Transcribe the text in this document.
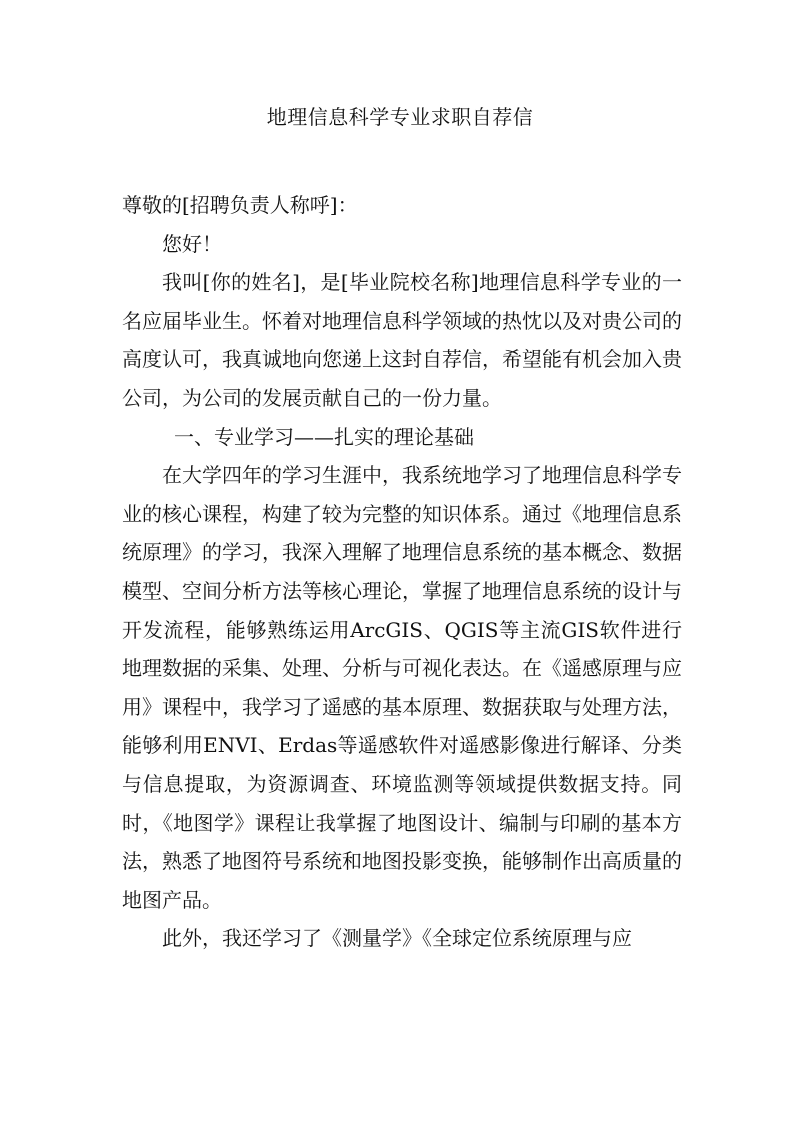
地理信息科学专业求职自荐信

尊敬的[招聘负责人称呼]：

您好！

我叫[你的姓名]，是[毕业院校名称]地理信息科学专业的一名应届毕业生。怀着对地理信息科学领域的热忱以及对贵公司的高度认可，我真诚地向您递上这封自荐信，希望能有机会加入贵公司，为公司的发展贡献自己的一份力量。

一、专业学习——扎实的理论基础

在大学四年的学习生涯中，我系统地学习了地理信息科学专业的核心课程，构建了较为完整的知识体系。通过《地理信息系统原理》的学习，我深入理解了地理信息系统的基本概念、数据模型、空间分析方法等核心理论，掌握了地理信息系统的设计与开发流程，能够熟练运用ArcGIS、QGIS等主流GIS软件进行地理数据的采集、处理、分析与可视化表达。在《遥感原理与应用》课程中，我学习了遥感的基本原理、数据获取与处理方法，能够利用ENVI、Erdas等遥感软件对遥感影像进行解译、分类与信息提取，为资源调查、环境监测等领域提供数据支持。同时，《地图学》课程让我掌握了地图设计、编制与印刷的基本方法，熟悉了地图符号系统和地图投影变换，能够制作出高质量的地图产品。

此外，我还学习了《测量学》《全球定位系统原理与应
